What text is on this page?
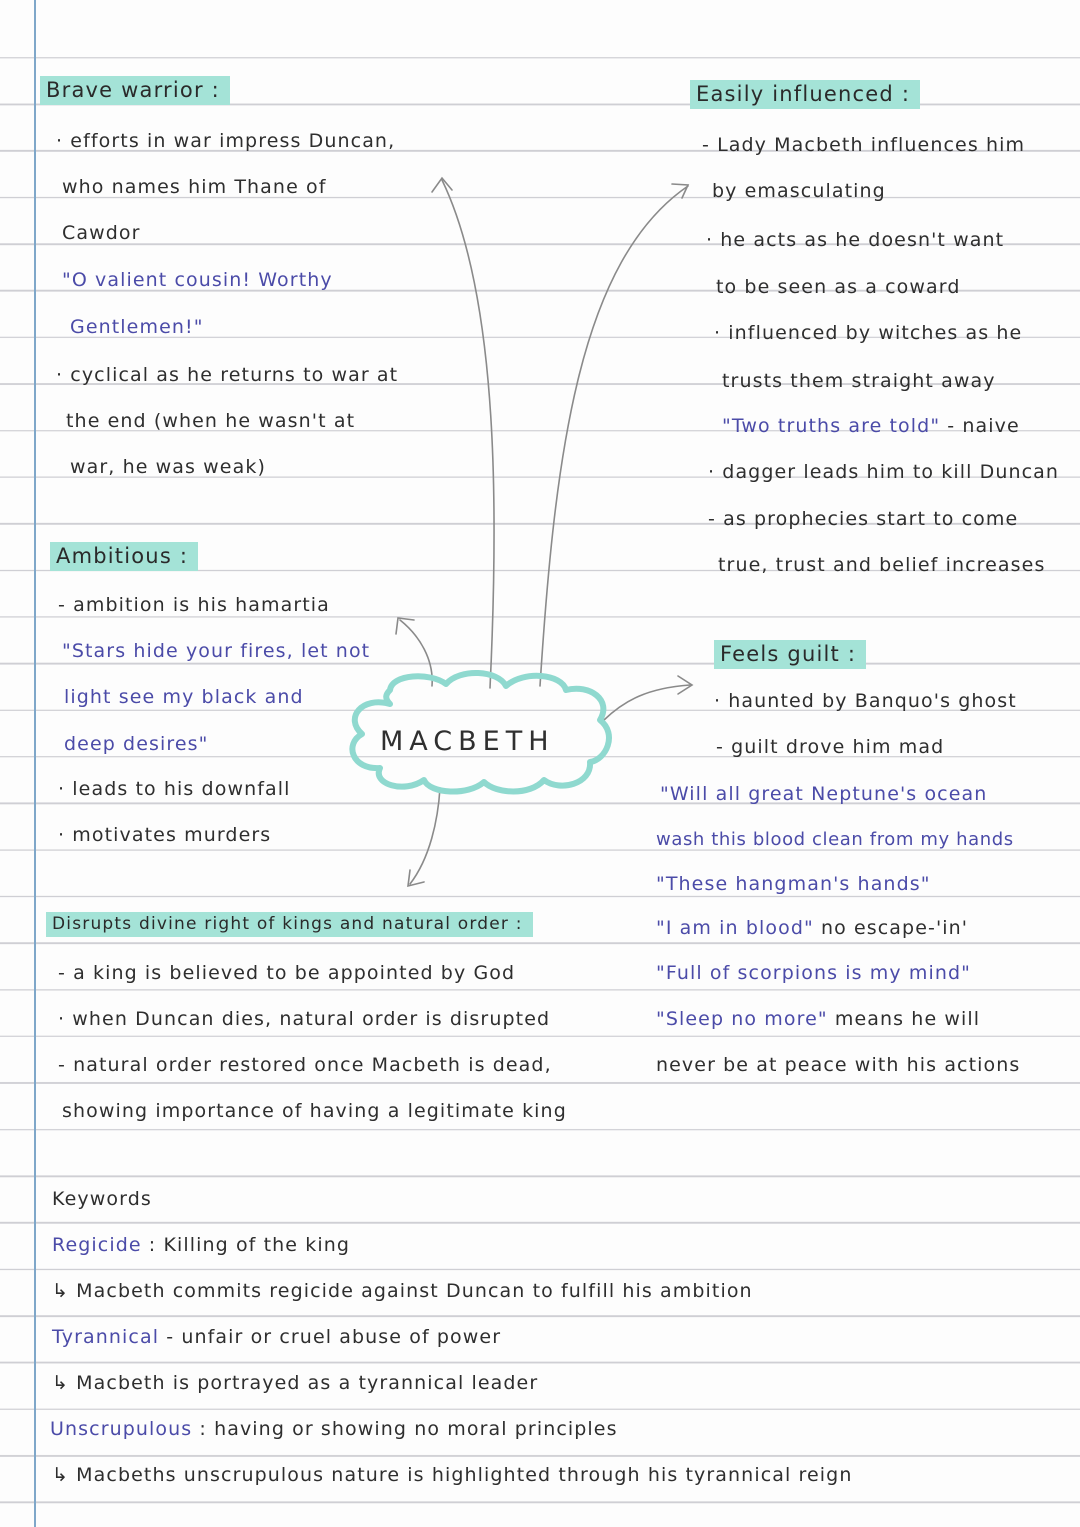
MACBETH
Brave warrior :
· efforts in war impress Duncan,
who names him Thane of
Cawdor
"O valient cousin! Worthy
Gentlemen!"
· cyclical as he returns to war at
the end (when he wasn't at
war, he was weak)
Ambitious :
- ambition is his hamartia
"Stars hide your fires, let not
light see my black and
deep desires"
· leads to his downfall
· motivates murders
Easily influenced :
- Lady Macbeth influences him
by emasculating
· he acts as he doesn't want
to be seen as a coward
· influenced by witches as he
trusts them straight away
"Two truths are told" - naive
· dagger leads him to kill Duncan
- as prophecies start to come
true, trust and belief increases
Feels guilt :
· haunted by Banquo's ghost
- guilt drove him mad
"Will all great Neptune's ocean
wash this blood clean from my hands
"These hangman's hands"
"I am in blood" no escape-'in'
"Full of scorpions is my mind"
"Sleep no more" means he will
never be at peace with his actions
Disrupts divine right of kings and natural order :
- a king is believed to be appointed by God
· when Duncan dies, natural order is disrupted
- natural order restored once Macbeth is dead,
showing importance of having a legitimate king
Keywords
Regicide : Killing of the king
↳ Macbeth commits regicide against Duncan to fulfill his ambition
Tyrannical - unfair or cruel abuse of power
↳ Macbeth is portrayed as a tyrannical leader
Unscrupulous : having or showing no moral principles
↳ Macbeths unscrupulous nature is highlighted through his tyrannical reign
